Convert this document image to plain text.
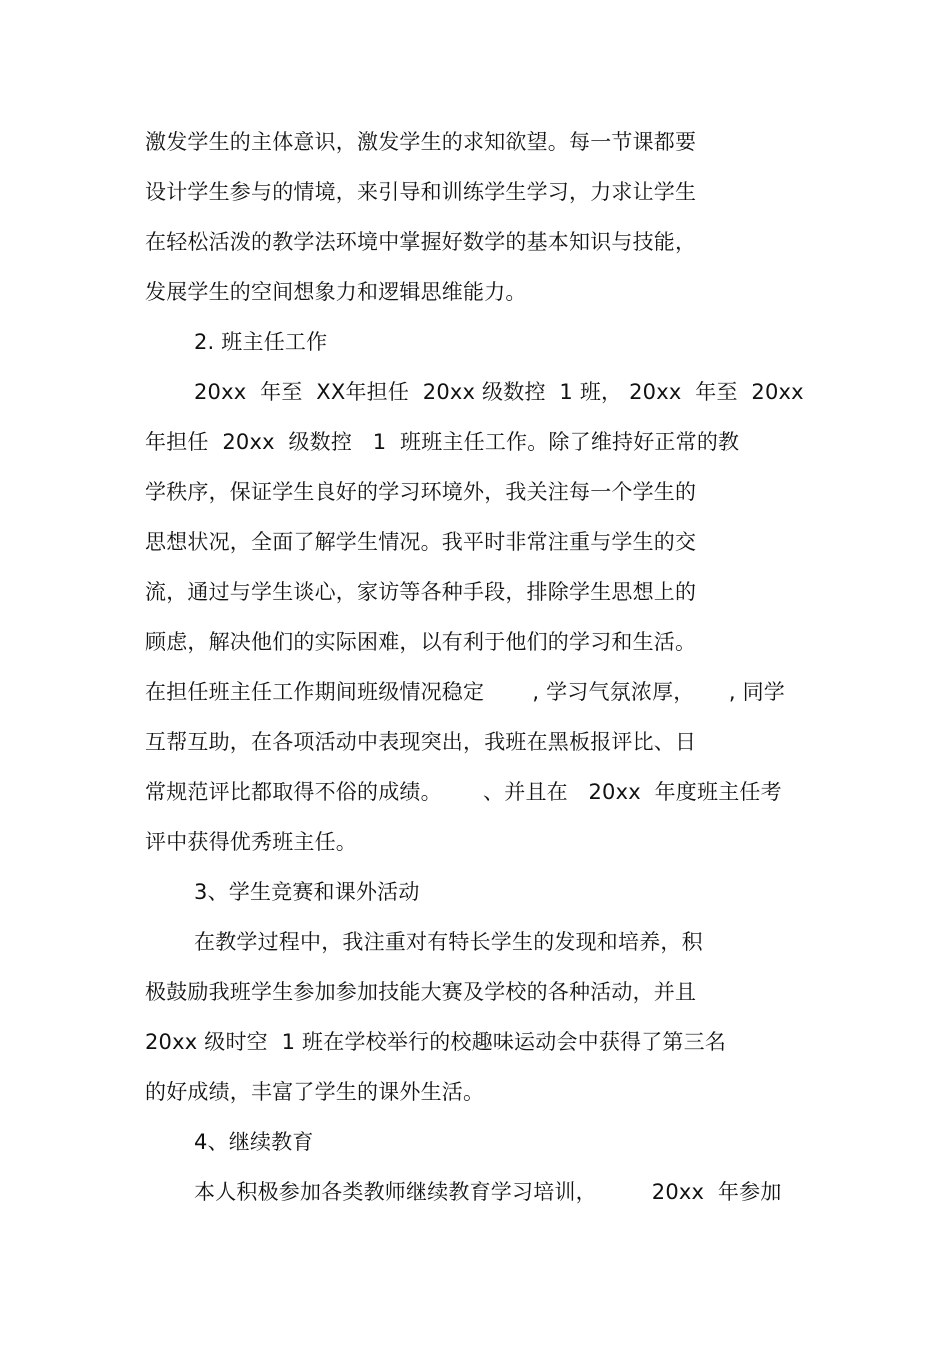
激发学生的主体意识，激发学生的求知欲望。每一节课都要
设计学生参与的情境，来引导和训练学生学习，力求让学生
在轻松活泼的教学法环境中掌握好数学的基本知识与技能，
发展学生的空间想象力和逻辑思维能力。
2. 班主任工作
20xx  年至  XX年担任  20xx 级数控  1 班， 20xx  年至  20xx
年担任  20xx  级数控   1  班班主任工作。除了维持好正常的教
学秩序，保证学生良好的学习环境外，我关注每一个学生的
思想状况，全面了解学生情况。我平时非常注重与学生的交
流，通过与学生谈心，家访等各种手段，排除学生思想上的
顾虑，解决他们的实际困难，以有利于他们的学习和生活。
在担任班主任工作期间班级情况稳定       , 学习气氛浓厚，     , 同学
互帮互助，在各项活动中表现突出，我班在黑板报评比、日
常规范评比都取得不俗的成绩。      、并且在   20xx  年度班主任考
评中获得优秀班主任。
3、学生竞赛和课外活动
在教学过程中，我注重对有特长学生的发现和培养，积
极鼓励我班学生参加参加技能大赛及学校的各种活动，并且
20xx 级时空  1 班在学校举行的校趣味运动会中获得了第三名
的好成绩，丰富了学生的课外生活。
4、继续教育
本人积极参加各类教师继续教育学习培训，        20xx  年参加
